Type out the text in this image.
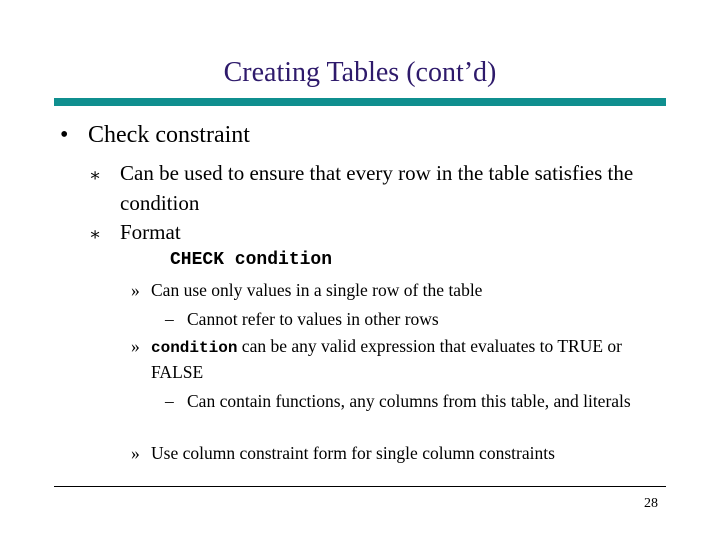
Creating Tables (cont’d)
• Check constraint
∗ Can be used to ensure that every row in the table satisfies the condition
∗ Format
CHECK condition
» Can use only values in a single row of the table
– Cannot refer to values in other rows
» condition can be any valid expression that evaluates to TRUE or FALSE
– Can contain functions, any columns from this table, and literals
» Use column constraint form for single column constraints
28
